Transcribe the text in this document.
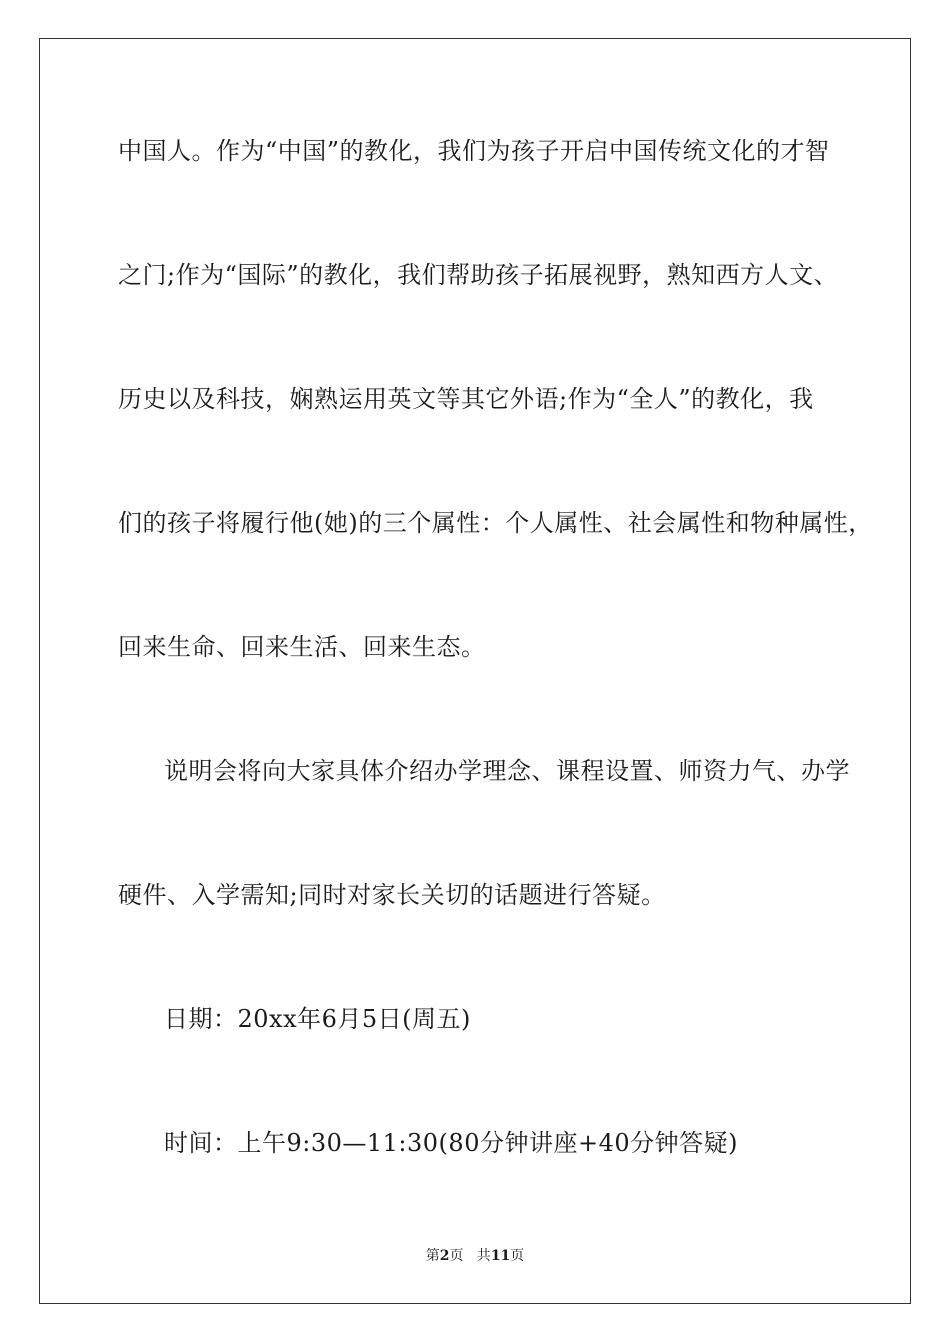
中国人。作为“中国”的教化，我们为孩子开启中国传统文化的才智
之门;作为“国际”的教化，我们帮助孩子拓展视野，熟知西方人文、
历史以及科技，娴熟运用英文等其它外语;作为“全人”的教化，我
们的孩子将履行他(她)的三个属性：个人属性、社会属性和物种属性，
回来生命、回来生活、回来生态。
说明会将向大家具体介绍办学理念、课程设置、师资力气、办学
硬件、入学需知;同时对家长关切的话题进行答疑。
日期：20xx年6月5日(周五)
时间：上午9:30—11:30(80分钟讲座+40分钟答疑)
第2页   共11页
